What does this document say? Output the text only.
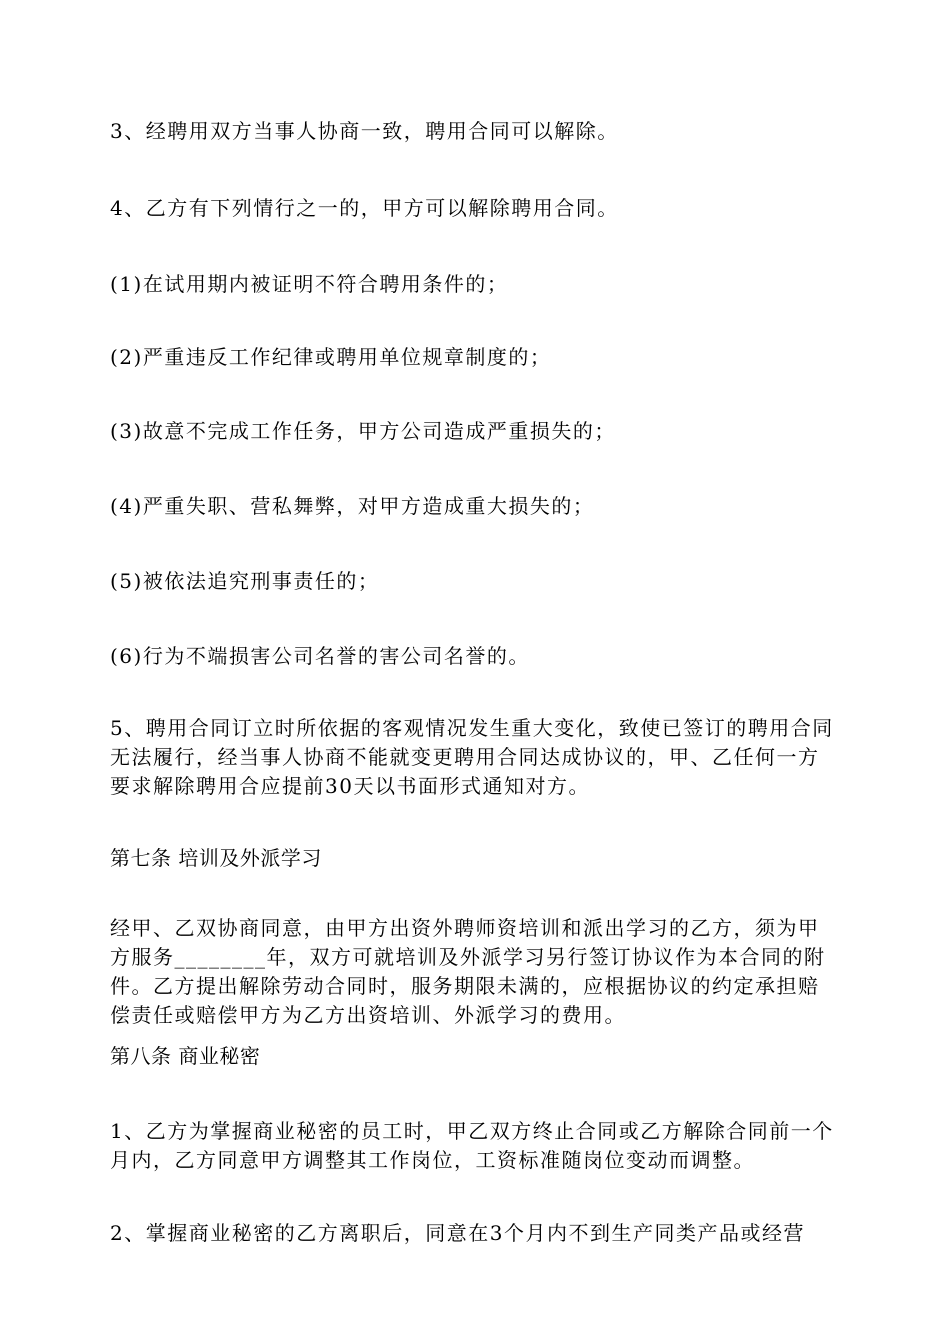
3、经聘用双方当事人协商一致，聘用合同可以解除。

4、乙方有下列情行之一的，甲方可以解除聘用合同。

(1)在试用期内被证明不符合聘用条件的；

(2)严重违反工作纪律或聘用单位规章制度的；

(3)故意不完成工作任务，甲方公司造成严重损失的；

(4)严重失职、营私舞弊，对甲方造成重大损失的；

(5)被依法追究刑事责任的；

(6)行为不端损害公司名誉的害公司名誉的。

5、聘用合同订立时所依据的客观情况发生重大变化，致使已签订的聘用合同无法履行，经当事人协商不能就变更聘用合同达成协议的，甲、乙任何一方要求解除聘用合应提前30天以书面形式通知对方。

第七条 培训及外派学习

经甲、乙双协商同意，由甲方出资外聘师资培训和派出学习的乙方，须为甲方服务________年，双方可就培训及外派学习另行签订协议作为本合同的附件。乙方提出解除劳动合同时，服务期限未满的，应根据协议的约定承担赔偿责任或赔偿甲方为乙方出资培训、外派学习的费用。

第八条 商业秘密

1、乙方为掌握商业秘密的员工时，甲乙双方终止合同或乙方解除合同前一个月内，乙方同意甲方调整其工作岗位，工资标准随岗位变动而调整。

2、掌握商业秘密的乙方离职后，同意在3个月内不到生产同类产品或经营
